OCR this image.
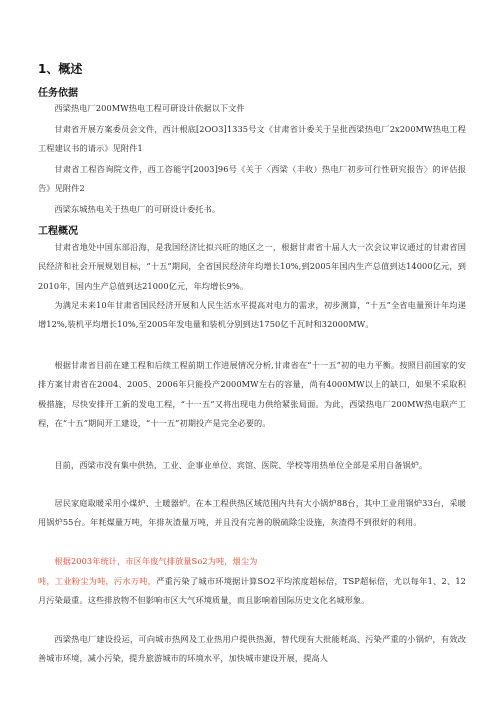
1、概述
任务依据
西梁热电厂200MW热电工程可研设计依据以下文件
甘肃省开展方案委员会文件，西计根底[2OO3]1335号文《甘肃省计委关于呈批西梁热电厂2x200MW热电工程工程建议书的请示》见附件1
甘肃省工程咨询院文件，西工咨能字[2003]96号《关于〈西梁（丰收）热电厂初步可行性研究报告〉的评估报告》见附件2
西梁东城热电关于热电厂的可研设计委托书。
工程概况
甘肃省地处中国东部沿海，是我国经济比拟兴旺的地区之一，根据甘肃省十届人大一次会议审议通过的甘肃省国民经济和社会开展规划目标，“十五”期间，全省国民经济年均增长10%,到2005年国内生产总值到达14000亿元，到2010年，国内生产总值到达21000亿元，年均增长9%。
为满足未来10年甘肃省国民经济开展和人民生活水平提高对电力的需求，初步测算，“十五”全省电量预计年均递增12%,装机平均增长10%,至2005年发电量和装机分别到达1750亿千瓦时和32000MW。
根据甘肃省目前在建工程和后续工程前期工作进展情况分析,甘肃省在“十一五”初的电力平衡。按照目前国家的安排方案甘肃省在2004、2005、2006年只能投产2000MW左右的容量，尚有4000MW以上的缺口，如果不采取积极措施，尽快安排开工新的发电工程，“十一五”又将出现电力供给紧张局面。为此，西梁热电厂200MW热电联产工程，在“十五”期间开工建设，“十一五”初期投产是完全必要的。
目前，西梁市没有集中供热，工业、企事业单位、宾馆、医院、学校等用热单位全部是采用自备锅炉。
居民家庭取暖采用小煤炉、土暖器炉。在本工程供热区域范围内共有大小锅炉88台，其中工业用锅炉33台，采暖用锅炉55台。年耗煤量万吨，年排灰渣量万吨，并且没有完善的脱硫除尘设施，灰渣得不到很好的利用。
根据2003年统计，市区年废气排放量So2为吨，烟尘为
吨，工业粉尘为吨，污水万吨，严重污染了城市环境据计算SO2平均浓度超标倍，TSP超标倍，尤以每年1、2、12月污染最重。这些排放物不但影响市区大气环境质量，而且影响着国际历史文化名城形象。
西梁热电厂建设投运，可向城市热网及工业热用户提供热源，替代现有大批能耗高、污染严重的小锅炉，有效改善城市环境，减小污染，提升旅游城市的环境水平，加快城市建设开展，提高人
